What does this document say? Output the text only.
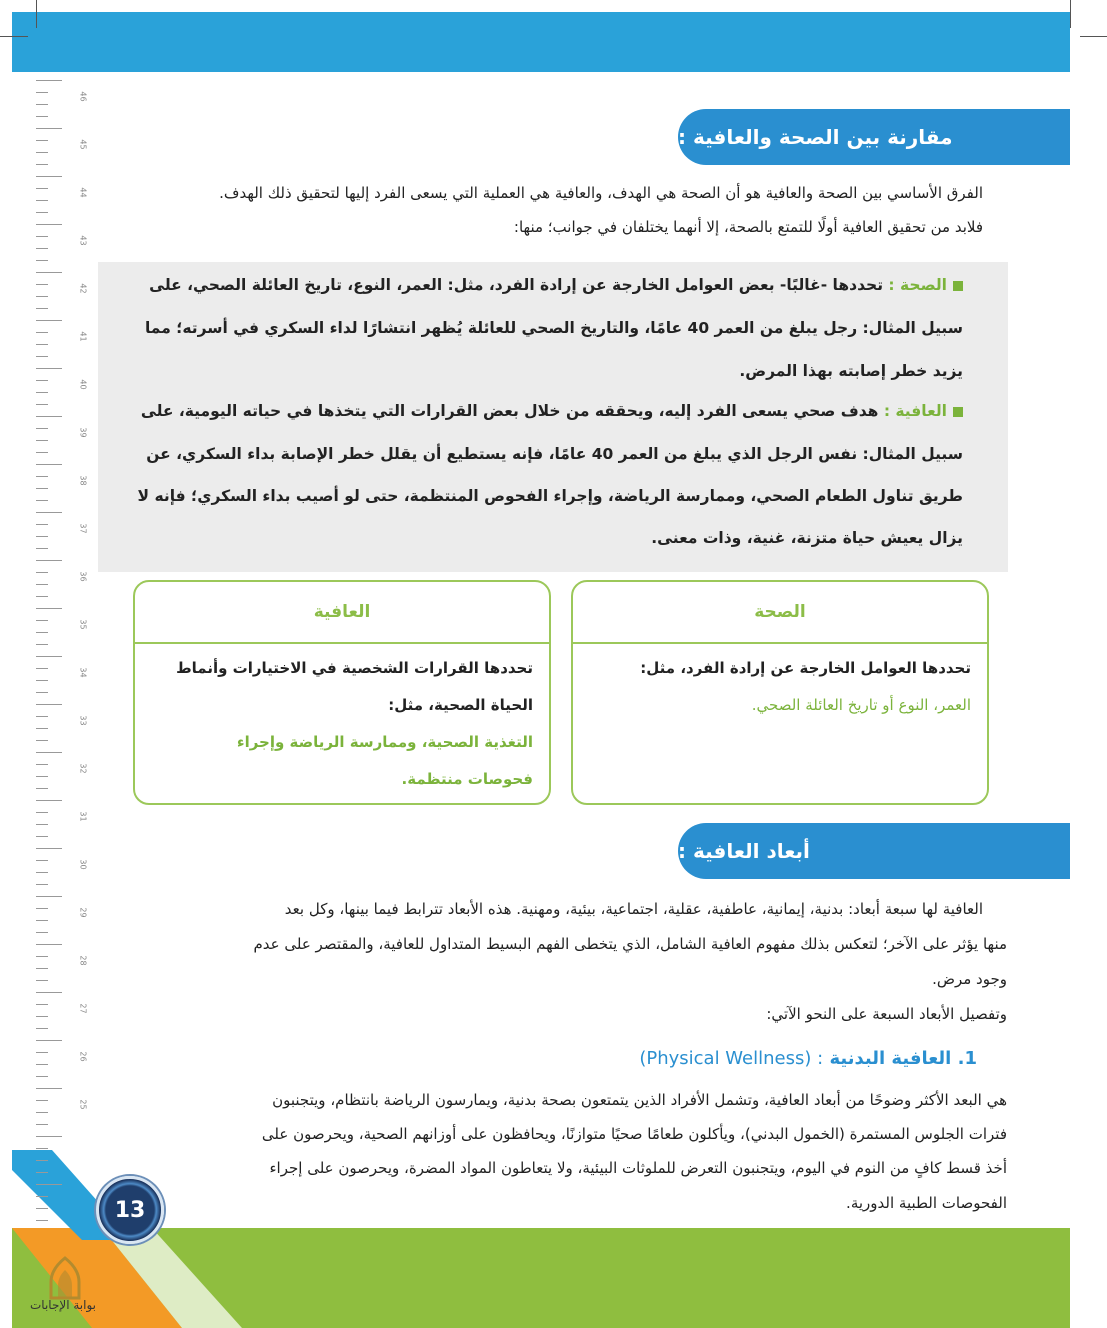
46
45
44
43
42
41
40
39
38
37
36
35
34
33
32
31
30
29
28
27
26
25
مقارنة بين الصحة والعافية :
الفرق الأساسي بين الصحة والعافية هو أن الصحة هي الهدف، والعافية هي العملية التي يسعى الفرد إليها لتحقيق ذلك الهدف.
فلابد من تحقيق العافية أولًا للتمتع بالصحة، إلا أنهما يختلفان في جوانب؛ منها:
الصحة : تحددها -غالبًا- بعض العوامل الخارجة عن إرادة الفرد، مثل: العمر، النوع، تاريخ العائلة الصحي، على
سبيل المثال: رجل يبلغ من العمر 40 عامًا، والتاريخ الصحي للعائلة يُظهر انتشارًا لداء السكري في أسرته؛ مما
يزيد خطر إصابته بهذا المرض.
العافية : هدف صحي يسعى الفرد إليه، ويحققه من خلال بعض القرارات التي يتخذها في حياته اليومية، على
سبيل المثال: نفس الرجل الذي يبلغ من العمر 40 عامًا، فإنه يستطيع أن يقلل خطر الإصابة بداء السكري، عن
طريق تناول الطعام الصحي، وممارسة الرياضة، وإجراء الفحوص المنتظمة، حتى لو أصيب بداء السكري؛ فإنه لا
يزال يعيش حياة متزنة، غنية، وذات معنى.
الصحة
تحددها العوامل الخارجة عن إرادة الفرد، مثل:
العمر، النوع أو تاريخ العائلة الصحي.
العافية
تحددها القرارات الشخصية في الاختيارات وأنماط
الحياة الصحية، مثل:
التغذية الصحية، وممارسة الرياضة وإجراء
فحوصات منتظمة.
أبعاد العافية :
العافية لها سبعة أبعاد: بدنية، إيمانية، عاطفية، عقلية، اجتماعية، بيئية، ومهنية. هذه الأبعاد تترابط فيما بينها، وكل بعد
منها يؤثر على الآخر؛ لتعكس بذلك مفهوم العافية الشامل، الذي يتخطى الفهم البسيط المتداول للعافية، والمقتصر على عدم
وجود مرض.
وتفصيل الأبعاد السبعة على النحو الآتي:
1. العافية البدنية (Physical Wellness) :
هي البعد الأكثر وضوحًا من أبعاد العافية، وتشمل الأفراد الذين يتمتعون بصحة بدنية، ويمارسون الرياضة بانتظام، ويتجنبون
فترات الجلوس المستمرة (الخمول البدني)، ويأكلون طعامًا صحيًا متوازنًا، ويحافظون على أوزانهم الصحية، ويحرصون على
أخذ قسط كافٍ من النوم في اليوم، ويتجنبون التعرض للملوثات البيئية، ولا يتعاطون المواد المضرة، ويحرصون على إجراء
الفحوصات الطبية الدورية.
13
بوابة الإجابات
